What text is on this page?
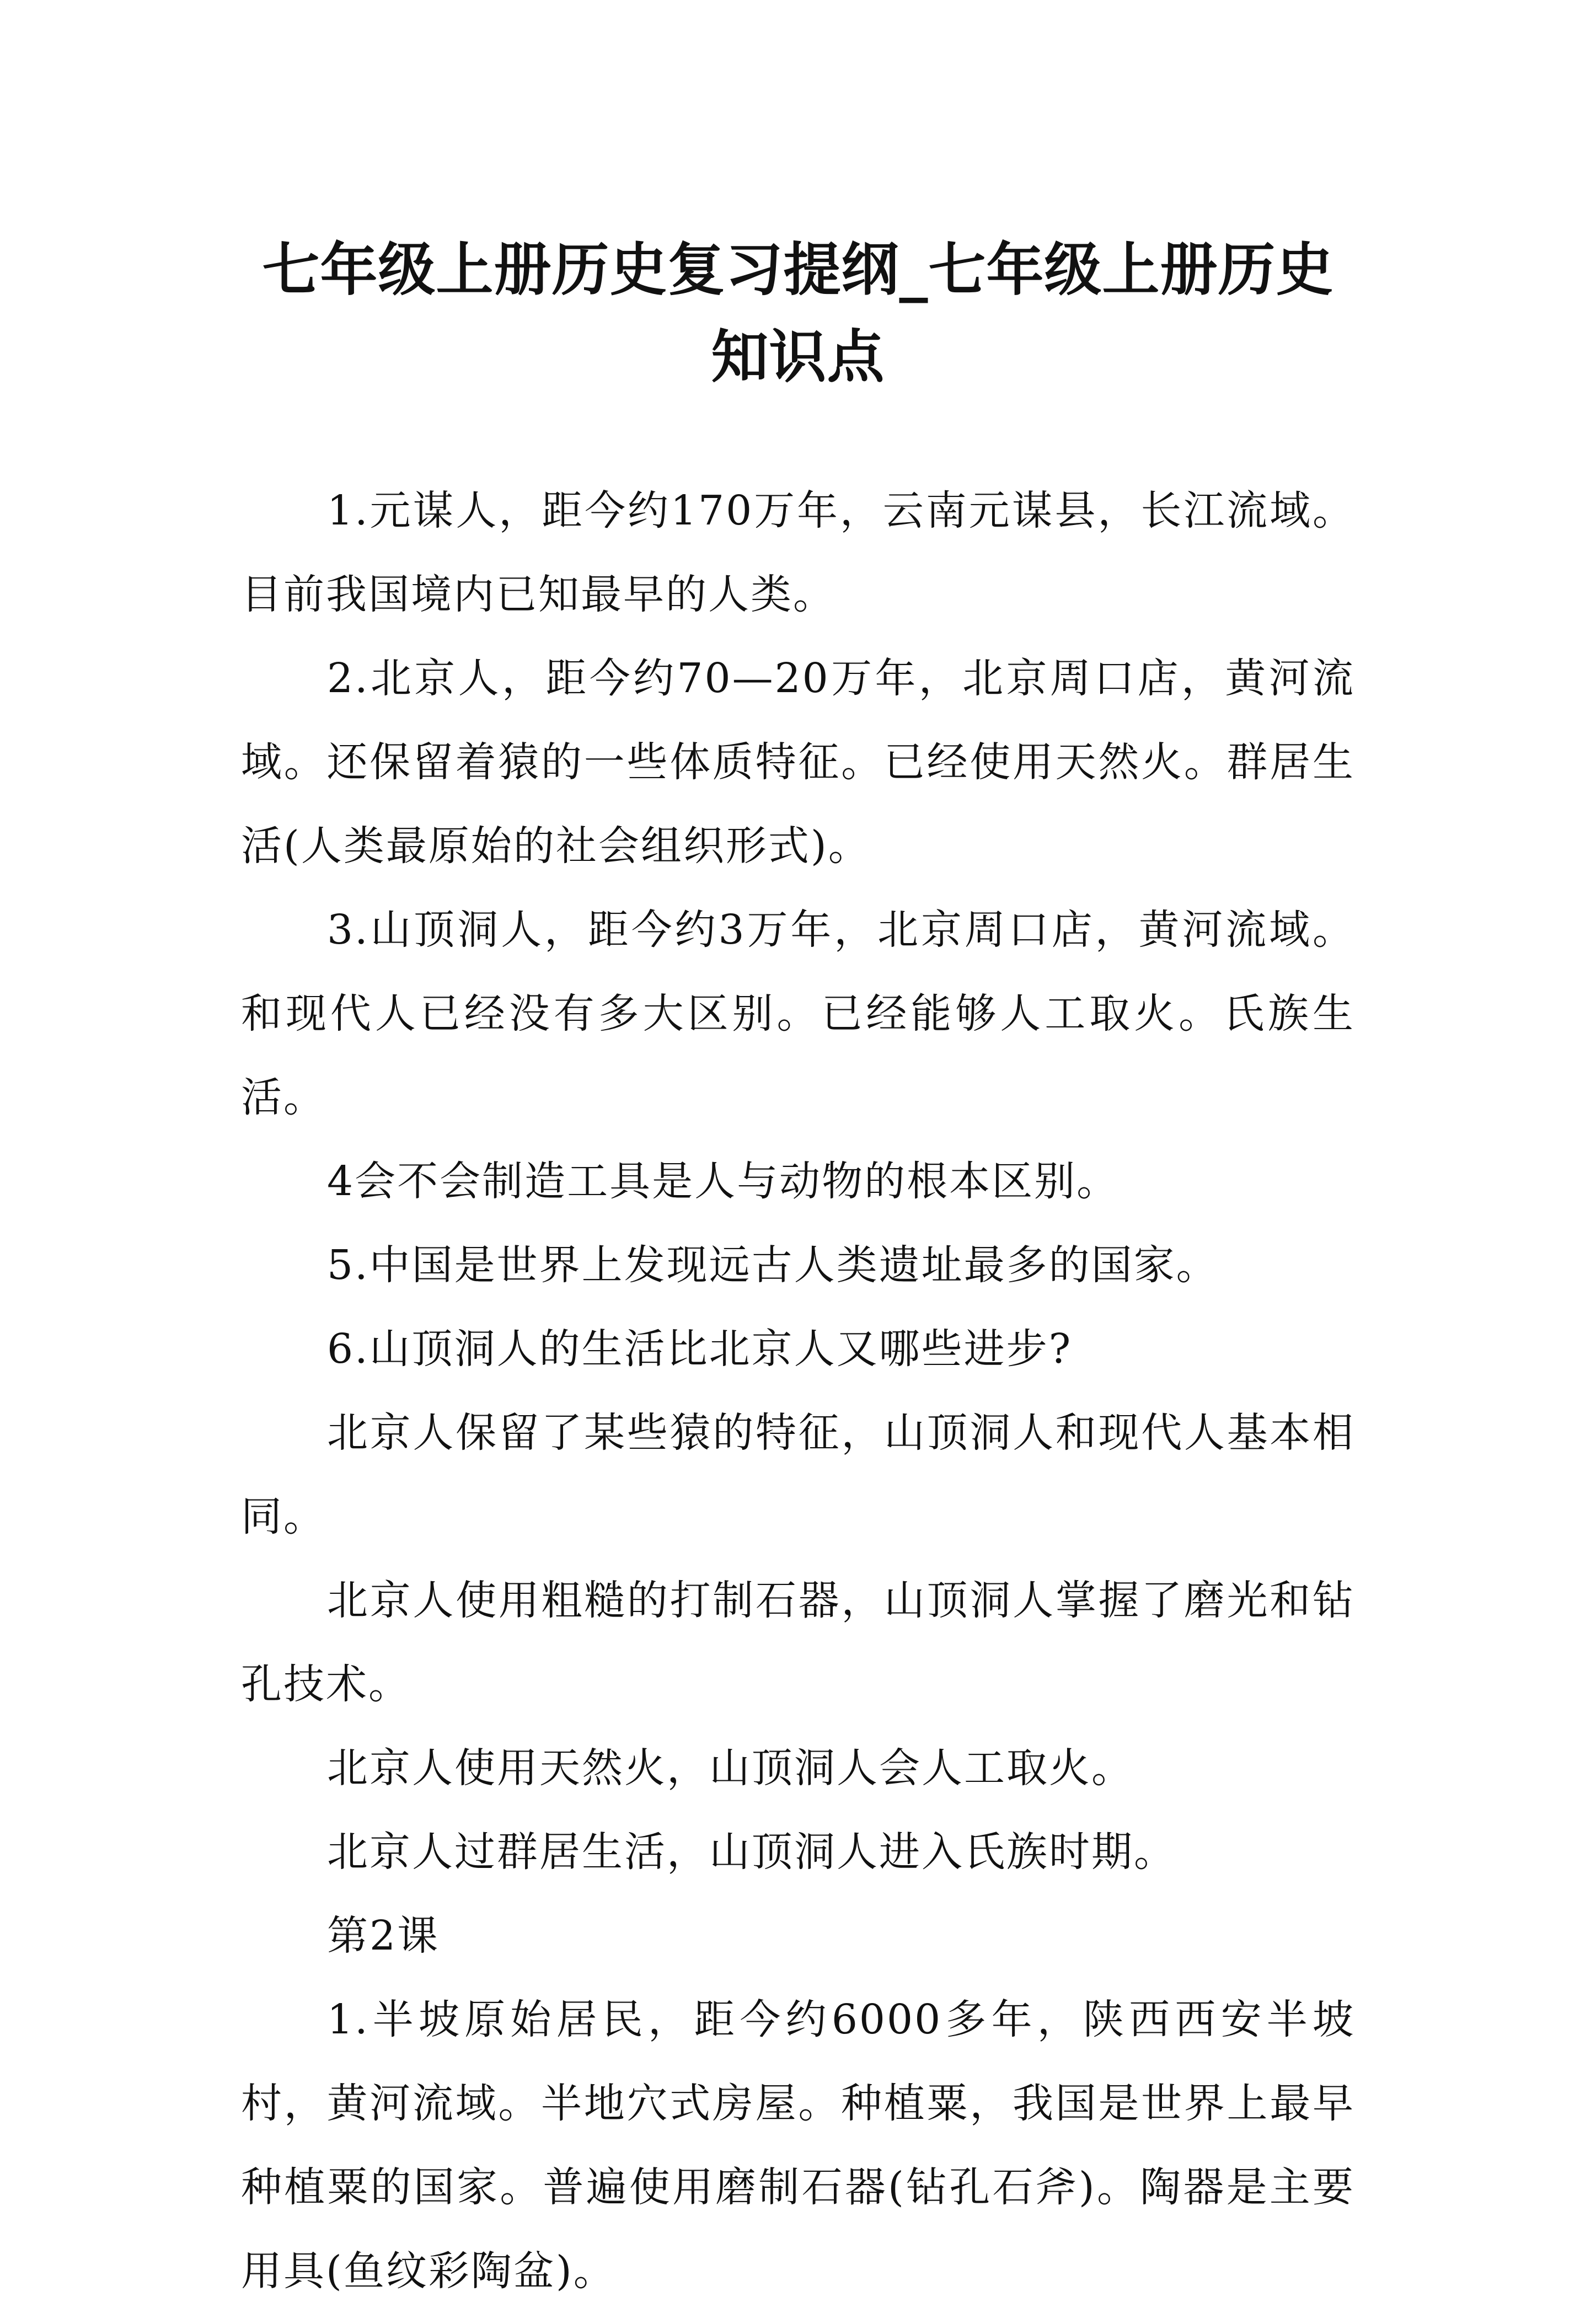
七年级上册历史复习提纲_七年级上册历史
知识点

1.元谋人，距今约170万年，云南元谋县，长江流域。目前我国境内已知最早的人类。

2.北京人，距今约70—20万年，北京周口店，黄河流域。还保留着猿的一些体质特征。已经使用天然火。群居生活(人类最原始的社会组织形式)。

3.山顶洞人，距今约3万年，北京周口店，黄河流域。和现代人已经没有多大区别。已经能够人工取火。氏族生活。

4会不会制造工具是人与动物的根本区别。

5.中国是世界上发现远古人类遗址最多的国家。

6.山顶洞人的生活比北京人又哪些进步?

北京人保留了某些猿的特征，山顶洞人和现代人基本相同。

北京人使用粗糙的打制石器，山顶洞人掌握了磨光和钻孔技术。

北京人使用天然火，山顶洞人会人工取火。

北京人过群居生活，山顶洞人进入氏族时期。

第2课

1.半坡原始居民，距今约6000多年，陕西西安半坡村，黄河流域。半地穴式房屋。种植粟，我国是世界上最早种植粟的国家。普遍使用磨制石器(钻孔石斧)。陶器是主要用具(鱼纹彩陶盆)。
